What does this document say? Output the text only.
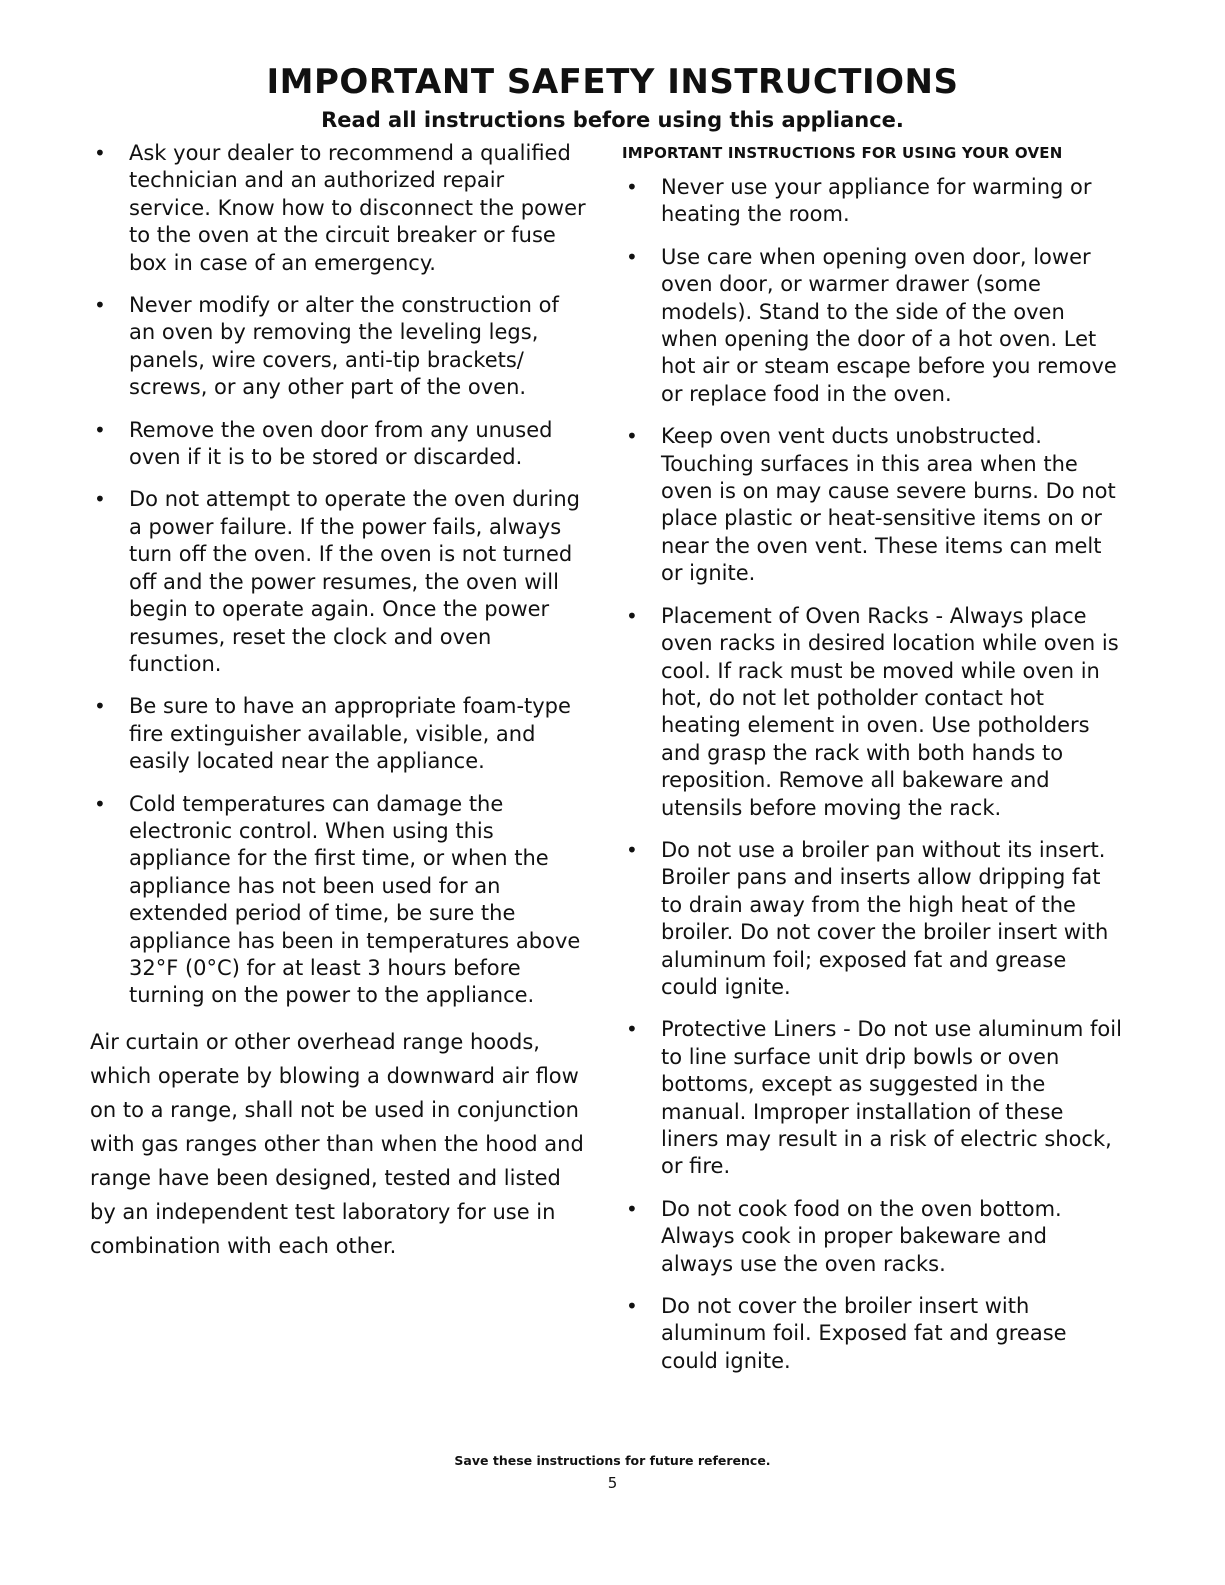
IMPORTANT SAFETY INSTRUCTIONS
Read all instructions before using this appliance.
• Ask your dealer to recommend a qualified technician and an authorized repair service. Know how to disconnect the power to the oven at the circuit breaker or fuse box in case of an emergency.
• Never modify or alter the construction of an oven by removing the leveling legs, panels, wire covers, anti-tip brackets/ screws, or any other part of the oven.
• Remove the oven door from any unused oven if it is to be stored or discarded.
• Do not attempt to operate the oven during a power failure. If the power fails, always turn off the oven. If the oven is not turned off and the power resumes, the oven will begin to operate again. Once the power resumes, reset the clock and oven function.
• Be sure to have an appropriate foam-type fire extinguisher available, visible, and easily located near the appliance.
• Cold temperatures can damage the electronic control. When using this appliance for the first time, or when the appliance has not been used for an extended period of time, be sure the appliance has been in temperatures above 32°F (0°C) for at least 3 hours before turning on the power to the appliance.

Air curtain or other overhead range hoods, which operate by blowing a downward air flow on to a range, shall not be used in conjunction with gas ranges other than when the hood and range have been designed, tested and listed by an independent test laboratory for use in combination with each other.

IMPORTANT INSTRUCTIONS FOR USING YOUR OVEN
• Never use your appliance for warming or heating the room.
• Use care when opening oven door, lower oven door, or warmer drawer (some models). Stand to the side of the oven when opening the door of a hot oven. Let hot air or steam escape before you remove or replace food in the oven.
• Keep oven vent ducts unobstructed. Touching surfaces in this area when the oven is on may cause severe burns. Do not place plastic or heat-sensitive items on or near the oven vent. These items can melt or ignite.
• Placement of Oven Racks - Always place oven racks in desired location while oven is cool. If rack must be moved while oven in hot, do not let potholder contact hot heating element in oven. Use potholders and grasp the rack with both hands to reposition. Remove all bakeware and utensils before moving the rack.
• Do not use a broiler pan without its insert. Broiler pans and inserts allow dripping fat to drain away from the high heat of the broiler. Do not cover the broiler insert with aluminum foil; exposed fat and grease could ignite.
• Protective Liners - Do not use aluminum foil to line surface unit drip bowls or oven bottoms, except as suggested in the manual. Improper installation of these liners may result in a risk of electric shock, or fire.
• Do not cook food on the oven bottom. Always cook in proper bakeware and always use the oven racks.
• Do not cover the broiler insert with aluminum foil. Exposed fat and grease could ignite.
Save these instructions for future reference.
5
